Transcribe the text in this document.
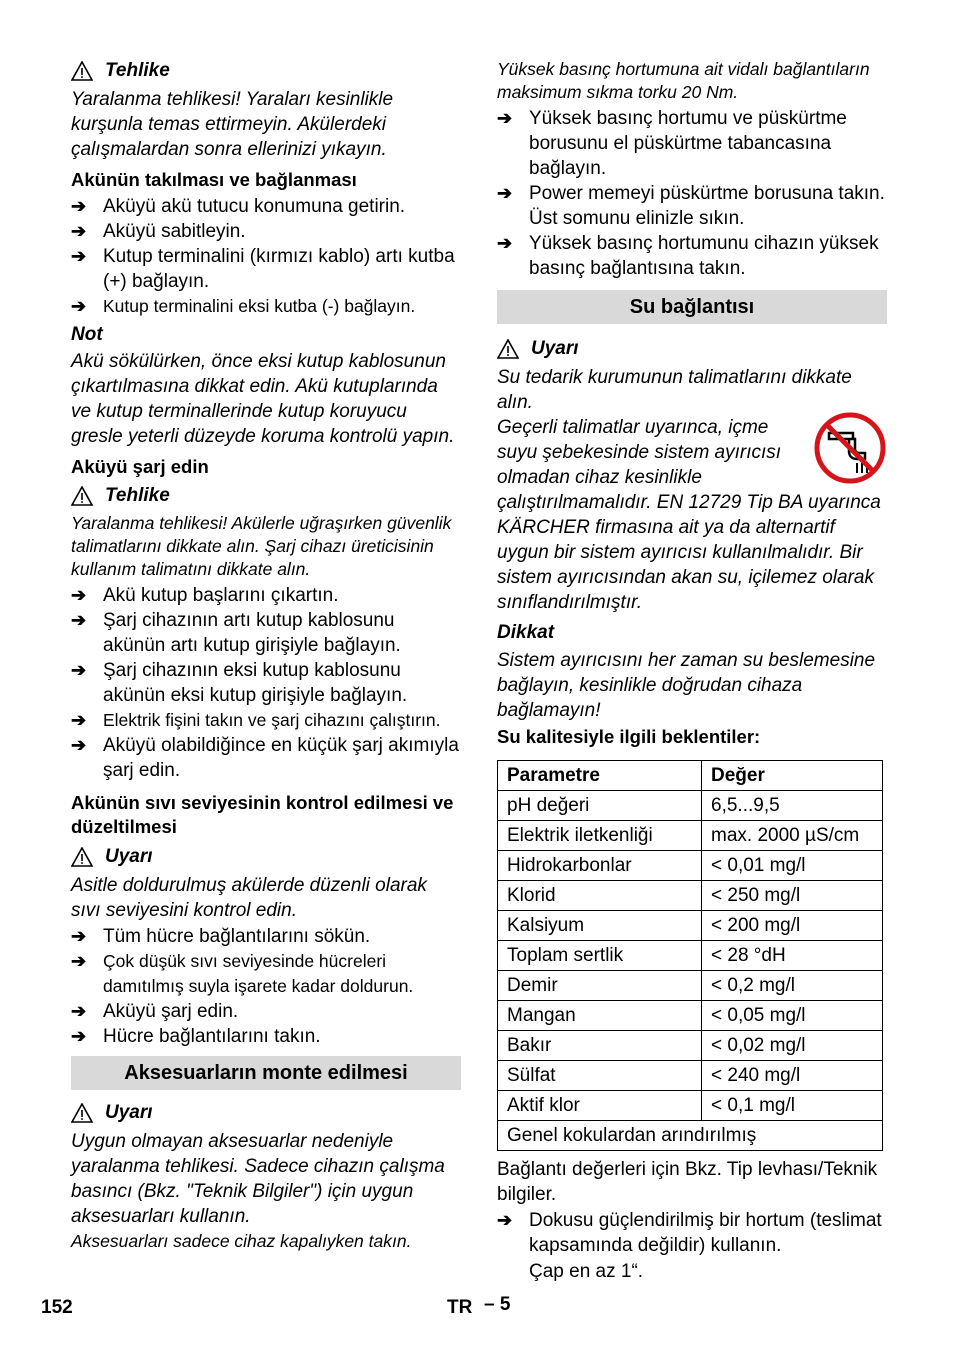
Tehlike
Yaralanma tehlikesi! Yaraları kesinlikle kurşunla temas ettirmeyin. Akülerdeki çalışmalardan sonra ellerinizi yıkayın.
Akünün takılması ve bağlanması
➔ Aküyü akü tutucu konumuna getirin.
➔ Aküyü sabitleyin.
➔ Kutup terminalini (kırmızı kablo) artı kutba (+) bağlayın.
➔ Kutup terminalini eksi kutba (-) bağlayın.
Not
Akü sökülürken, önce eksi kutup kablosunun çıkartılmasına dikkat edin. Akü kutuplarında ve kutup terminallerinde kutup koruyucu gresle yeterli düzeyde koruma kontrolü yapın.
Aküyü şarj edin
Tehlike
Yaralanma tehlikesi! Akülerle uğraşırken güvenlik talimatlarını dikkate alın. Şarj cihazı üreticisinin kullanım talimatını dikkate alın.
➔ Akü kutup başlarını çıkartın.
➔ Şarj cihazının artı kutup kablosunu akünün artı kutup girişiyle bağlayın.
➔ Şarj cihazının eksi kutup kablosunu akünün eksi kutup girişiyle bağlayın.
➔ Elektrik fişini takın ve şarj cihazını çalıştırın.
➔ Aküyü olabildiğince en küçük şarj akımıyla şarj edin.
Akünün sıvı seviyesinin kontrol edilmesi ve düzeltilmesi
Uyarı
Asitle doldurulmuş akülerde düzenli olarak sıvı seviyesini kontrol edin.
➔ Tüm hücre bağlantılarını sökün.
➔ Çok düşük sıvı seviyesinde hücreleri damıtılmış suyla işarete kadar doldurun.
➔ Aküyü şarj edin.
➔ Hücre bağlantılarını takın.
Aksesuarların monte edilmesi
Uyarı
Uygun olmayan aksesuarlar nedeniyle yaralanma tehlikesi. Sadece cihazın çalışma basıncı (Bkz. "Teknik Bilgiler") için uygun aksesuarları kullanın.
Aksesuarları sadece cihaz kapalıyken takın.
Yüksek basınç hortumuna ait vidalı bağlantıların maksimum sıkma torku 20 Nm.
➔ Yüksek basınç hortumu ve püskürtme borusunu el püskürtme tabancasına bağlayın.
➔ Power memeyi püskürtme borusuna takın. Üst somunu elinizle sıkın.
➔ Yüksek basınç hortumunu cihazın yüksek basınç bağlantısına takın.
Su bağlantısı
Uyarı
Su tedarik kurumunun talimatlarını dikkate alın.
Geçerli talimatlar uyarınca, içme suyu şebekesinde sistem ayırıcısı olmadan cihaz kesinlikle çalıştırılmamalıdır. EN 12729 Tip BA uyarınca KÄRCHER firmasına ait ya da alternartif uygun bir sistem ayırıcısı kullanılmalıdır. Bir sistem ayırıcısından akan su, içilemez olarak sınıflandırılmıştır.
Dikkat
Sistem ayırıcısını her zaman su beslemesine bağlayın, kesinlikle doğrudan cihaza bağlamayın!
Su kalitesiyle ilgili beklentiler:
Parametre	Değer
pH değeri	6,5...9,5
Elektrik iletkenliği	max. 2000 µS/cm
Hidrokarbonlar	< 0,01 mg/l
Klorid	< 250 mg/l
Kalsiyum	< 200 mg/l
Toplam sertlik	< 28 °dH
Demir	< 0,2 mg/l
Mangan	< 0,05 mg/l
Bakır	< 0,02 mg/l
Sülfat	< 240 mg/l
Aktif klor	< 0,1 mg/l
Genel kokulardan arındırılmış	
Bağlantı değerleri için Bkz. Tip levhası/Teknik bilgiler.
➔ Dokusu güçlendirilmiş bir hortum (teslimat kapsamında değildir) kullanın.
Çap en az 1“.
152	TR – 5
